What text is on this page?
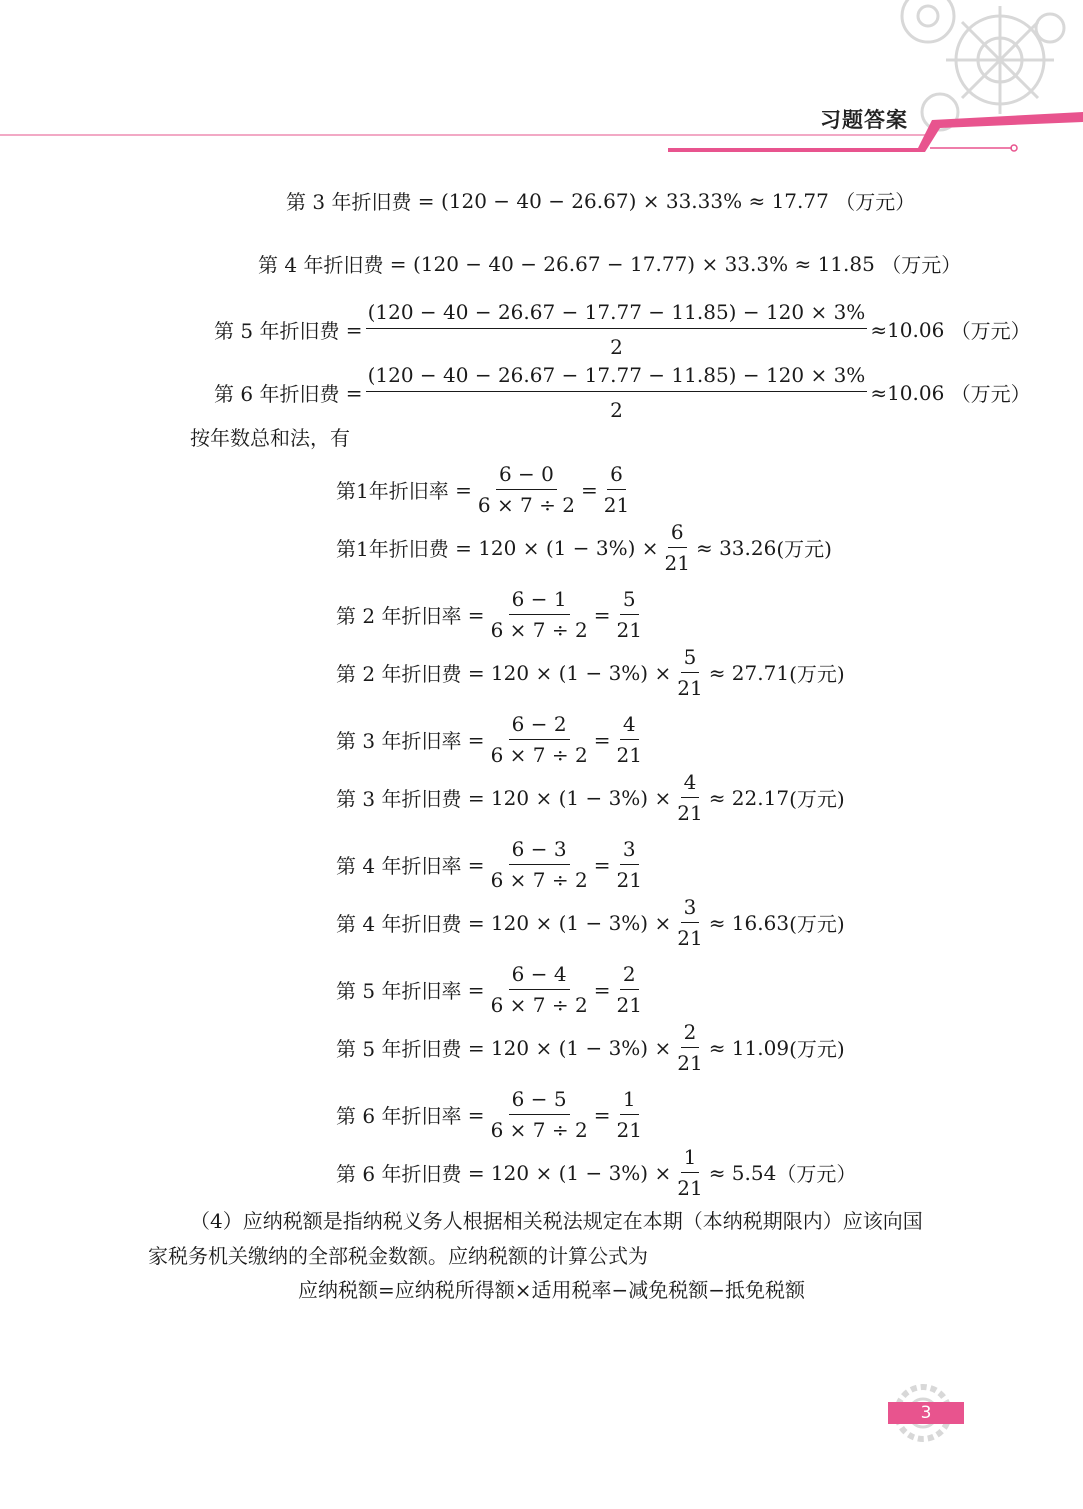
习题答案
第 3 年折旧费 = (120 − 40 − 26.67) × 33.33%
≈ 17.77
（万元）
第 4 年折旧费 = (120 − 40 − 26.67 − 17.77) × 33.3%
≈ 11.85
（万元）
第 5 年折旧费 = $\frac{(120 - 40 - 26.67 - 17.77 - 11.85) - 120 \times 3\%}{2} \approx 10.06$
（万元）
第 6 年折旧费 = $\frac{(120 - 40 - 26.67 - 17.77 - 11.85) - 120 \times 3\%}{2} \approx 10.06$
（万元）
按年数总和法，有
第1年折旧率 = $\frac{6 - 0}{6 \times 7 \div 2} = \frac{6}{21}$
第1年折旧费
= $120 \times (1 - 3\%) \times \frac{6}{21} \approx 33.26$ (万元)
第 2 年折旧率 = $\frac{6 - 1}{6 \times 7 \div 2} = \frac{5}{21}$
第 2 年折旧费
= $120 \times (1 - 3\%) \times \frac{5}{21} \approx 27.71$ (万元)
第 3 年折旧率 = $\frac{6 - 2}{6 \times 7 \div 2} = \frac{4}{21}$
第 3 年折旧费
= $120 \times (1 - 3\%) \times \frac{4}{21} \approx 22.17$ (万元)
第 4 年折旧率 = $\frac{6 - 3}{6 \times 7 \div 2} = \frac{3}{21}$
第 4 年折旧费
= $120 \times (1 - 3\%) \times \frac{3}{21} \approx 16.63$ (万元)
第 5 年折旧率 = $\frac{6 - 4}{6 \times 7 \div 2} = \frac{2}{21}$
第 5 年折旧费
= $120 \times (1 - 3\%) \times \frac{2}{21} \approx 11.09$ (万元)
第 6 年折旧率 = $\frac{6 - 5}{6 \times 7 \div 2} = \frac{1}{21}$
第 6 年折旧费
= $120 \times (1 - 3\%) \times \frac{1}{21} \approx 5.54$ （万元）
（4）应纳税额是指纳税义务人根据相关税法规定在本期（本纳税期限内）应该向国
家税务机关缴纳的全部税金数额。应纳税额的计算公式为
应纳税额=应纳税所得额×适用税率−减免税额−抵免税额
3
